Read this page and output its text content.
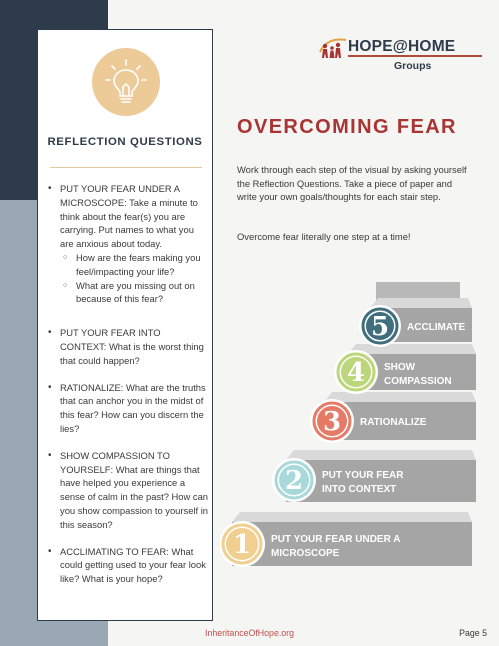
REFLECTION QUESTIONS
• PUT YOUR FEAR UNDER A MICROSCOPE: Take a minute to think about the fear(s) you are carrying. Put names to what you are anxious about today.
○ How are the fears making you feel/impacting your life?
○ What are you missing out on because of this fear?
• PUT YOUR FEAR INTO CONTEXT: What is the worst thing that could happen?
• RATIONALIZE: What are the truths that can anchor you in the midst of this fear? How can you discern the lies?
• SHOW COMPASSION TO YOURSELF: What are things that have helped you experience a sense of calm in the past? How can you show compassion to yourself in this season?
• ACCLIMATING TO FEAR: What could getting used to your fear look like? What is your hope?
HOPE@HOME
Groups
OVERCOMING FEAR
Work through each step of the visual by asking yourself the Reflection Questions. Take a piece of paper and write your own goals/thoughts for each stair step.
Overcome fear literally one step at a time!
1 PUT YOUR FEAR UNDER A
MICROSCOPE
2 PUT YOUR FEAR
INTO CONTEXT
3 RATIONALIZE
4 SHOW
COMPASSION
5 ACCLIMATE
InheritanceOfHope.org	Page 5
